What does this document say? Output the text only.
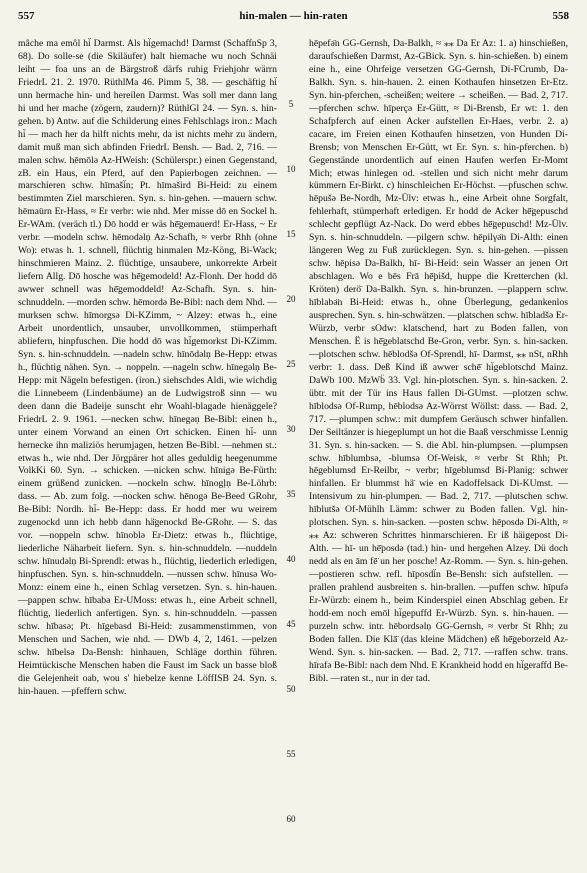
557	hin-malen — hin-raten	558

mâche ma emôl hi͏̈ Darmst. Als hi͏̈gemachd! Darmst (SchaffnSp 3, 68). Do solle-se (die Skiläufer) halt hiemache wu noch Schnäi leiht — foa uns an de Bärgstroß därfs ruhig Friehjohr wärrn FriedrL 21. 2. 1970. RüthlMa 46. Pimm 5, 38. — geschäftig hi͏̈ unn hermache hin- und hereilen Darmst. Was soll mer dann lang hi und her mache (zögern, zaudern)? RüthlGl 24. — Syn. s. hin-gehen. b) Antw. auf die Schilderung eines Fehlschlags iron.: Mach hi͏̈ — mach her da hilft nichts mehr, da ist nichts mehr zu ändern, damit muß man sich abfinden FriedrL Bensh. — Bad. 2, 716. —malen schw. hēmōlə Az-HWeish: (Schülerspr.) einen Gegenstand, zB. ein Haus, ein Pferd, auf den Papierbogen zeichnen. —marschieren schw. hīmaši͏̈n; Pt. hīmašird Bi-Heid: zu einem bestimmten Ziel marschieren. Syn. s. hin-gehen. —mauern schw. hēmau͏̈rn Er-Hass, ≈ Er verbr: wie nhd. Mer misse dō en Sockel h. Er-WAm. (veräch tl.) Dō hodd er wäs hē͏̈gemauerd! Er-Hass, ~ Er verbr. —modeln schw. hēmodəlṇ Az-Schafh, ≈ verbr Rhh (ohne Wo): etwas h. 1. schnell, flüchtig hinmalen Mz-Köng, Bi-Wack; hinschmieren Mainz. 2. flüchtige, unsaubere, unkorrekte Arbeit liefern Allg. Dō hosche was hē͏̈gemodeld! Az-Flonh. Der hodd dō awwer schnell was hē͏̈gemoddeld! Az-Schafh. Syn. s. hin-schnuddeln. —morden schw. hēmordə Be-Bibl: nach dem Nhd. —murksen schw. hīmorgsə Di-KZimm, ~ Alzey: etwas h., eine Arbeit unordentlich, unsauber, unvollkommen, stümperhaft abliefern, hinpfuschen. Die hodd dō was hi͏̈gemorkst Di-KZimm. Syn. s. hin-schnuddeln. —nadeln schw. hīnōdəlṇ Be-Hepp: etwas h., flüchtig nähen. Syn. → noppeln. —nageln schw. hīnegəlṇ Be-Hepp: mit Nägeln befestigen. (iron.) siehschdes Aldi, wie wichdig die Linnebeem (Lindenbäume) an de Ludwigstroß sinn — wu deen dann die Badeije sunscht ehr Woahl-blagade hienäggele? FriedrL 2. 9. 1961. —necken schw. hīnegəṇ Be-Bibl: einen h., unter einem Vorwand an einen Ort schicken. Einen hi͏̈- unn hernecke ihn maliziös herumjagen, hetzen Be-Bibl. —nehmen st.: etwas h., wie nhd. Der Jörgpärer hot alles geduldig heegenumme VolkKi 60. Syn. → schicken. —nicken schw. hīnigə Be-Fürth: einem grüßend zunicken. —nockeln schw. hīnogḷṇ Be-Löhrb: dass. — Ab. zum folg. —nocken schw. hēnogə Be-Beed GRohr, Be-Bibl: Nordh. hi͏̈- Be-Hepp: dass. Er hodd mer wu weirem zugenockd unn ich hebb dann hä͏̈genockd Be-GRohr. — S. das vor. —noppeln schw. hīnoblə Er-Dietz: etwas h., flüchtige, liederliche Näharbeit liefern. Syn. s. hin-schnuddeln. —nuddeln schw. hīnudəlṇ Bi-Sprendl: etwas h., flüchtig, liederlich erledigen, hinpfuschen. Syn. s. hin-schnuddeln. —nussen schw. hīnusə Wo-Monz: einem eine h., einen Schlag versetzen. Syn. s. hin-hauen. —pappen schw. hībabə Er-UMoss: etwas h., eine Arbeit schnell, flüchtig, liederlich anfertigen. Syn. s. hin-schnuddeln. —passen schw. hībasə; Pt. hīgebasd Bi-Heid: zusammenstimmen, von Menschen und Sachen, wie nhd. — DWb 4, 2, 1461. —pelzen schw. hībelsə Da-Bensh: hinhauen, Schläge dorthin führen. Heimtückische Menschen haben die Faust im Sack un basse bloß die Gelejenheit oab, wou s' hiebelze kenne LöffISB 24. Syn. s. hin-hauen. —pfeffern schw.

5
10
15
20
25
30
35
40
45
50
55
60

hēpefə͏̈n GG-Gernsh, Da-Balkh, ≈ ⁎⁎ Da Er Az: 1. a) hinschießen, daraufschießen Darmst, Az-GBick. Syn. s. hin-schießen. b) einem eine h., eine Ohrfeige versetzen GG-Gernsh, Di-FCrumb, Da-Balkh. Syn. s. hin-hauen. 2. einen Kothaufen hinsetzen Er-Etz. Syn. hin-pferchen, -scheißen; weitere → scheißen. — Bad. 2, 717. —pferchen schw. hīperçə Er-Gütt, ≈ Di-Brensb, Er wt: 1. den Schafpferch auf einen Acker aufstellen Er-Haes, verbr. 2. a) cacare, im Freien einen Kothaufen hinsetzen, von Hunden Di-Brensb; von Menschen Er-Gütt, wt Er. Syn. s. hin-pferchen. b) Gegenstände unordentlich auf einen Haufen werfen Er-Momt Mich; etwas hinlegen od. -stellen und sich nicht mehr darum kümmern Er-Birkt. c) hinschleichen Er-Höchst. —pfuschen schw. hēpušə Be-Nordh, Mz-Ülv: etwas h., eine Arbeit ohne Sorgfalt, fehlerhaft, stümperhaft erledigen. Er hodd de Acker hē͏̈gepuschd schlecht gepflügt Az-Nack. Do werd ebbes hē͏̈gepuschd! Mz-Ülv. Syn. s. hin-schnuddeln. —pilgern schw. hēpilγə͏̈n Di-Alth: einen längeren Weg zu Fuß zurücklegen. Syn. s. hin-gehen. —pissen schw. hēpisə Da-Balkh, hī- Bi-Heid: sein Wasser an jenen Ort abschlagen. Wo e bēs Frā hē͏̈pišd, huppe die Kretterchen (kl. Kröten) derö͏̈ Da-Balkh. Syn. s. hin-brunzen. —plappern schw. hīblabə͏̈n Bi-Heid: etwas h., ohne Überlegung, gedankenlos ausprechen. Syn. s. hin-schwätzen. —platschen schw. hībladšə Er-Würzb, verbr sOdw: klatschend, hart zu Boden fallen, von Menschen. E͏̈ is hē͏̈geblatschd Be-Gron, verbr. Syn. s. hin-sacken. —plotschen schw. hēblodšə Of-Sprendl, hī- Darmst, ⁎⁎ nSt, nRhh verbr: 1. dass. Deß Kind iß awwer schē͏̈ hi͏̈geblotschd Mainz. DaWb 100. MzWb͏̈ 33. Vgl. hin-plotschen. Syn. s. hin-sacken. 2. übtr. mit der Tür ins Haus fallen Di-GUmst. —plotzen schw. hīblodsə Of-Rump, hēblodsə Az-Wörrst Wöllst: dass. — Bad. 2, 717. —plumpen schw.: mit dumpfem Geräusch schwer hinfallen. Der Seiltänzer is hiegeplumpt un hot die Baaß verschmisse Lennig 31. Syn. s. hin-sacken. — S. die Abl. hin-plumpsen. —plumpsen schw. hīblumbsə, -blumsə Of-Weisk, ≈ verbr St Rhh; Pt. hēgeblumsd Er-Reilbr, ~ verbr; hīgeblumsd Bi-Planig: schwer hinfallen. Er blummst hä͏̈ wie en Kadoffelsack Di-KUmst. — Intensivum zu hin-plumpen. — Bad. 2, 717. —plutschen schw. hīblutšə Of-Mühlh Lämm: schwer zu Boden fallen. Vgl. hin-plotschen. Syn. s. hin-sacken. —posten schw. hēposdə Di-Alth, ≈ ⁎⁎ Az: schweren Schrittes hinmarschieren. Er iß häigepost Di-Alth. — hī- un hē͏̈posdə (tad.) hin- und hergehen Alzey. Dü doch nedd als en ām fē͏̈ un her posche! Az-Romm. — Syn. s. hin-gehen. —postieren schw. refl. hīposdi͏̈n Be-Bensh: sich aufstellen. —prallen prahlend ausbreiten s. hin-brallen. —puffen schw. hīpufə Er-Würzb: einem h., beim Kinderspiel einen Abschlag geben. Er hodd-em noch emōl hi͏̈gepuffd Er-Würzb. Syn. s. hin-hauen. —purzeln schw. intr. hēbordsəlṇ GG-Gernsh, ≈ verbr St Rhh; zu Boden fallen. Die Klā͏̈ (das kleine Mädchen) eß hē͏̈geborzeld Az-Wend. Syn. s. hin-sacken. — Bad. 2, 717. —raffen schw. trans. hīrafə Be-Bibl: nach dem Nhd. E Krankheid hodd en hi͏̈geraffd Be-Bibl. —raten st., nur in der tad.
